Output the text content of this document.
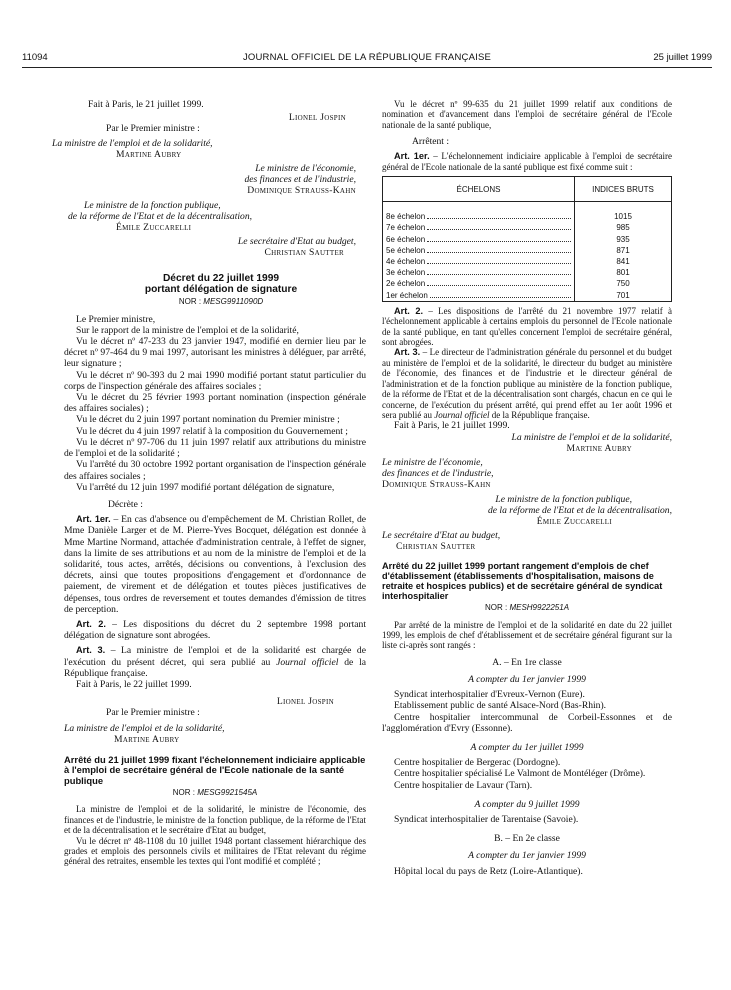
11094	JOURNAL OFFICIEL DE LA RÉPUBLIQUE FRANÇAISE	25 juillet 1999

Fait à Paris, le 21 juillet 1999.

Lionel Jospin

Par le Premier ministre :

La ministre de l'emploi et de la solidarité,

Martine Aubry

Le ministre de l'économie,

des finances et de l'industrie,

Dominique Strauss-Kahn

Le ministre de la fonction publique,

de la réforme de l'Etat et de la décentralisation,

Émile Zuccarelli

Le secrétaire d'Etat au budget,

Christian Sautter

Décret du 22 juillet 1999
portant délégation de signature
NOR : MESG9911090D

Le Premier ministre,

Sur le rapport de la ministre de l'emploi et de la solidarité,

Vu le décret nº 47-233 du 23 janvier 1947, modifié en dernier lieu par le décret nº 97-464 du 9 mai 1997, autorisant les ministres à déléguer, par arrêté, leur signature ;

Vu le décret nº 90-393 du 2 mai 1990 modifié portant statut particulier du corps de l'inspection générale des affaires sociales ;

Vu le décret du 25 février 1993 portant nomination (inspection générale des affaires sociales) ;

Vu le décret du 2 juin 1997 portant nomination du Premier ministre ;

Vu le décret du 4 juin 1997 relatif à la composition du Gouvernement ;

Vu le décret nº 97-706 du 11 juin 1997 relatif aux attributions du ministre de l'emploi et de la solidarité ;

Vu l'arrêté du 30 octobre 1992 portant organisation de l'inspection générale des affaires sociales ;

Vu l'arrêté du 12 juin 1997 modifié portant délégation de signature,

Décrète :

Art. 1er. – En cas d'absence ou d'empêchement de M. Christian Rollet, de Mme Danièle Larger et de M. Pierre-Yves Bocquet, délégation est donnée à Mme Martine Normand, attachée d'administration centrale, à l'effet de signer, dans la limite de ses attributions et au nom de la ministre de l'emploi et de la solidarité, tous actes, arrêtés, décisions ou conventions, à l'exclusion des décrets, ainsi que toutes propositions d'engagement et d'ordonnance de paiement, de virement et de délégation et toutes pièces justificatives de dépenses, tous ordres de reversement et toutes demandes d'émission de titres de perception.

Art. 2. – Les dispositions du décret du 2 septembre 1998 portant délégation de signature sont abrogées.

Art. 3. – La ministre de l'emploi et de la solidarité est chargée de l'exécution du présent décret, qui sera publié au Journal officiel de la République française.

Fait à Paris, le 22 juillet 1999.

Lionel Jospin

Par le Premier ministre :

La ministre de l'emploi et de la solidarité,

Martine Aubry

Arrêté du 21 juillet 1999 fixant l'échelonnement indiciaire applicable à l'emploi de secrétaire général de l'Ecole nationale de la santé publique
NOR : MESG9921545A

La ministre de l'emploi et de la solidarité, le ministre de l'économie, des finances et de l'industrie, le ministre de la fonction publique, de la réforme de l'Etat et de la décentralisation et le secrétaire d'Etat au budget,

Vu le décret nº 48-1108 du 10 juillet 1948 portant classement hiérarchique des grades et emplois des personnels civils et militaires de l'Etat relevant du régime général des retraites, ensemble les textes qui l'ont modifié et complété ;

Vu le décret nº 99-635 du 21 juillet 1999 relatif aux conditions de nomination et d'avancement dans l'emploi de secrétaire général de l'Ecole nationale de la santé publique,

Arrêtent :

Art. 1er. – L'échelonnement indiciaire applicable à l'emploi de secrétaire général de l'Ecole nationale de la santé publique est fixé comme suit :

ÉCHELONS	INDICES BRUTS

8e échelon	1015

7e échelon	985

6e échelon	935

5e échelon	871

4e échelon	841

3e échelon	801

2e échelon	750

1er échelon	701

Art. 2. – Les dispositions de l'arrêté du 21 novembre 1977 relatif à l'échelonnement applicable à certains emplois du personnel de l'Ecole nationale de la santé publique, en tant qu'elles concernent l'emploi de secrétaire général, sont abrogées.

Art. 3. – Le directeur de l'administration générale du personnel et du budget au ministère de l'emploi et de la solidarité, le directeur du budget au ministère de l'économie, des finances et de l'industrie et le directeur général de l'administration et de la fonction publique au ministère de la fonction publique, de la réforme de l'Etat et de la décentralisation sont chargés, chacun en ce qui le concerne, de l'exécution du présent arrêté, qui prend effet au 1er août 1996 et sera publié au Journal officiel de la République française.

Fait à Paris, le 21 juillet 1999.

La ministre de l'emploi et de la solidarité,

Martine Aubry

Le ministre de l'économie,

des finances et de l'industrie,

Dominique Strauss-Kahn

Le ministre de la fonction publique,

de la réforme de l'Etat et de la décentralisation,

Émile Zuccarelli

Le secrétaire d'Etat au budget,

Christian Sautter

Arrêté du 22 juillet 1999 portant rangement d'emplois de chef d'établissement (établissements d'hospitalisation, maisons de retraite et hospices publics) et de secrétaire général de syndicat interhospitalier
NOR : MESH9922251A

Par arrêté de la ministre de l'emploi et de la solidarité en date du 22 juillet 1999, les emplois de chef d'établissement et de secrétaire général figurant sur la liste ci-après sont rangés :

A. – En 1re classe

A compter du 1er janvier 1999

Syndicat interhospitalier d'Evreux-Vernon (Eure).

Etablissement public de santé Alsace-Nord (Bas-Rhin).

Centre hospitalier intercommunal de Corbeil-Essonnes et de l'agglomération d'Evry (Essonne).

A compter du 1er juillet 1999

Centre hospitalier de Bergerac (Dordogne).

Centre hospitalier spécialisé Le Valmont de Montéléger (Drôme).

Centre hospitalier de Lavaur (Tarn).

A compter du 9 juillet 1999

Syndicat interhospitalier de Tarentaise (Savoie).

B. – En 2e classe

A compter du 1er janvier 1999

Hôpital local du pays de Retz (Loire-Atlantique).
